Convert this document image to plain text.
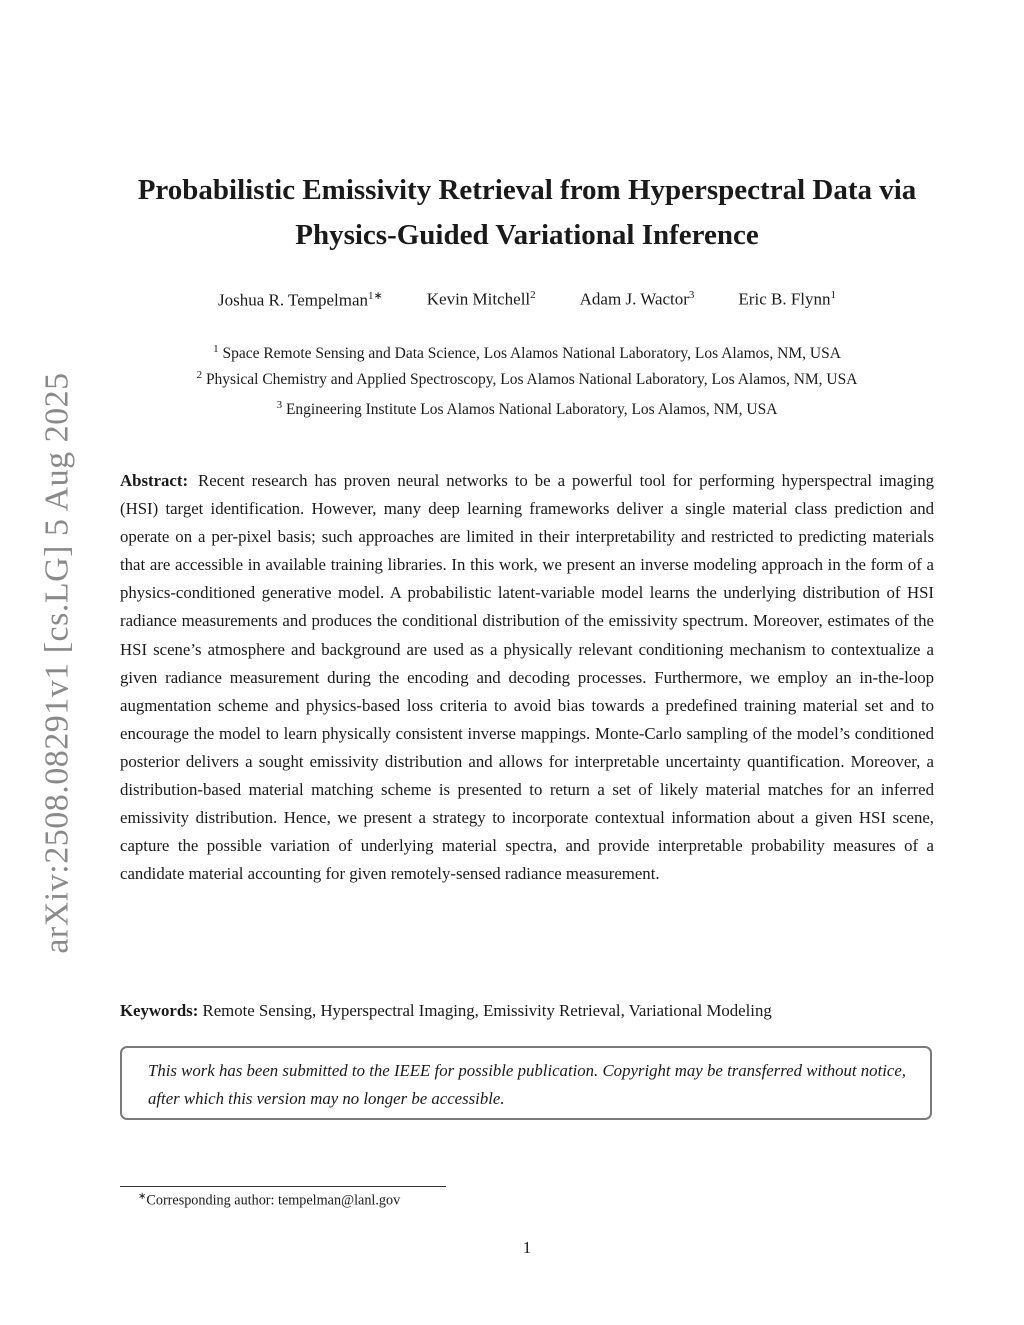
arXiv:2508.08291v1 [cs.LG] 5 Aug 2025
Probabilistic Emissivity Retrieval from Hyperspectral Data via Physics-Guided Variational Inference
Joshua R. Tempelman$^{1∗}$	Kevin Mitchell$^2$	Adam J. Wactor$^3$	Eric B. Flynn$^1$
$^1$ Space Remote Sensing and Data Science, Los Alamos National Laboratory, Los Alamos, NM, USA
$^2$ Physical Chemistry and Applied Spectroscopy, Los Alamos National Laboratory, Los Alamos, NM, USA
$^3$ Engineering Institute Los Alamos National Laboratory, Los Alamos, NM, USA

Abstract: Recent research has proven neural networks to be a powerful tool for performing hyperspectral imaging (HSI) target identification. However, many deep learning frameworks deliver a single material class prediction and operate on a per-pixel basis; such approaches are limited in their interpretability and restricted to predicting materials that are accessible in available training libraries. In this work, we present an inverse modeling approach in the form of a physics-conditioned generative model. A probabilistic latent-variable model learns the underlying distribution of HSI radiance measurements and produces the conditional distribution of the emissivity spectrum. Moreover, estimates of the HSI scene’s atmosphere and background are used as a physically relevant conditioning mechanism to contextualize a given radiance measurement during the encoding and decoding processes. Furthermore, we employ an in-the-loop augmentation scheme and physics-based loss criteria to avoid bias towards a predefined training material set and to encourage the model to learn physically consistent inverse mappings. Monte-Carlo sampling of the model’s conditioned posterior delivers a sought emissivity distribution and allows for interpretable uncertainty quantification. Moreover, a distribution-based material matching scheme is presented to return a set of likely material matches for an inferred emissivity distribution. Hence, we present a strategy to incorporate contextual information about a given HSI scene, capture the possible variation of underlying material spectra, and provide interpretable probability measures of a candidate material accounting for given remotely-sensed radiance measurement.

Keywords: Remote Sensing, Hyperspectral Imaging, Emissivity Retrieval, Variational Modeling

This work has been submitted to the IEEE for possible publication. Copyright may be transferred without notice, after which this version may no longer be accessible.

∗Corresponding author: tempelman@lanl.gov
1
